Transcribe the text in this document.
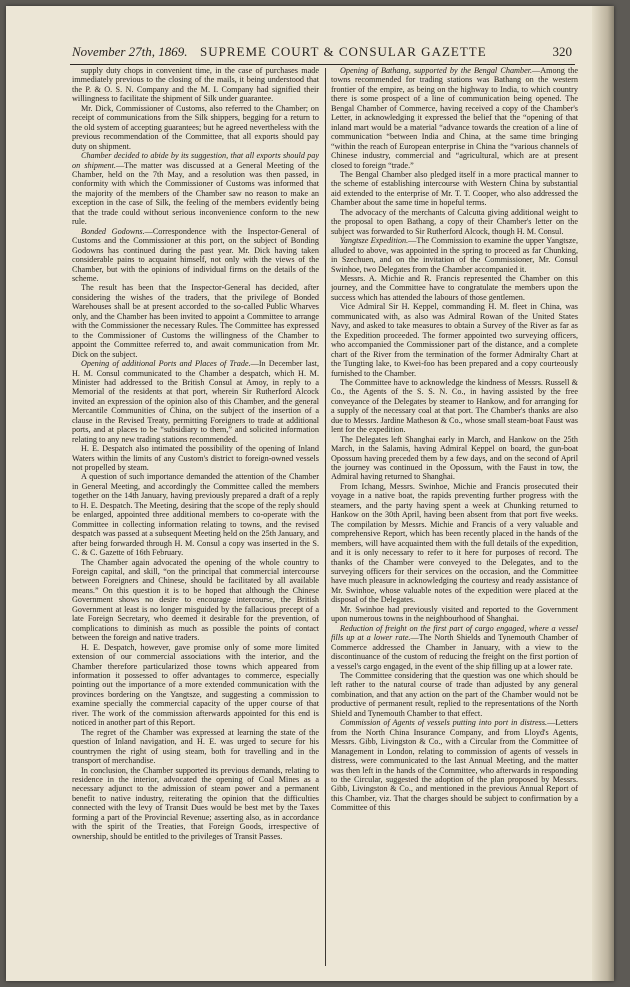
November 27th, 1869. SUPREME COURT & CONSULAR GAZETTE	320

supply duty chops in convenient time, in the case of purchases made immediately previous to the closing of the mails, it being understood that the P. & O. S. N. Company and the M. I. Company had signified their willingness to facilitate the shipment of Silk under guarantee.

Mr. Dick, Commissioner of Customs, also referred to the Chamber; on receipt of communications from the Silk shippers, begging for a return to the old system of accepting guarantees; but he agreed nevertheless with the previous recommendation of the Committee, that all exports should pay duty on shipment.

Chamber decided to abide by its suggestion, that all exports should pay on shipment.—The matter was discussed at a General Meeting of the Chamber, held on the 7th May, and a resolution was then passed, in conformity with which the Commissioner of Customs was informed that the majority of the members of the Chamber saw no reason to make an exception in the case of Silk, the feeling of the members evidently being that the trade could without serious inconvenience conform to the new rule.

Bonded Godowns.—Correspondence with the Inspector-General of Customs and the Commissioner at this port, on the subject of Bonding Godowns has continued during the past year. Mr. Dick having taken considerable pains to acquaint himself, not only with the views of the Chamber, but with the opinions of individual firms on the details of the scheme.

The result has been that the Inspector-General has decided, after considering the wishes of the traders, that the privilege of Bonded Warehouses shall be at present accorded to the so-called Public Wharves only, and the Chamber has been invited to appoint a Committee to arrange with the Commissioner the necessary Rules. The Committee has expressed to the Commissioner of Customs the willingness of the Chamber to appoint the Committee referred to, and await communication from Mr. Dick on the subject.

Opening of additional Ports and Places of Trade.—In December last, H. M. Consul communicated to the Chamber a despatch, which H. M. Minister had addressed to the British Consul at Amoy, in reply to a Memorial of the residents at that port, wherein Sir Rutherford Alcock invited an expression of the opinion also of this Chamber, and the general Mercantile Communities of China, on the subject of the insertion of a clause in the Revised Treaty, permitting Foreigners to trade at additional ports, and at places to be “subsidiary to them,” and solicited information relating to any new trading stations recommended.

H. E. Despatch also intimated the possibility of the opening of Inland Waters within the limits of any Custom's district to foreign-owned vessels not propelled by steam.

A question of such importance demanded the attention of the Chamber in General Meeting, and accordingly the Committee called the members together on the 14th January, having previously prepared a draft of a reply to H. E. Despatch. The Meeting, desiring that the scope of the reply should be enlarged, appointed three additional members to co-operate with the Committee in collecting information relating to towns, and the revised despatch was passed at a subsequent Meeting held on the 25th January, and after being forwarded through H. M. Consul a copy was inserted in the S. C. & C. Gazette of 16th February.

The Chamber again advocated the opening of the whole country to Foreign capital, and skill, “on the principal that commercial intercourse between Foreigners and Chinese, should be facilitated by all available means.” On this question it is to be hoped that although the Chinese Government shows no desire to encourage intercourse, the British Government at least is no longer misguided by the fallacious precept of a late Foreign Secretary, who deemed it desirable for the prevention, of complications to diminish as much as possible the points of contact between the foreign and native traders.

H. E. Despatch, however, gave promise only of some more limited extension of our commercial associations with the interior, and the Chamber therefore particularized those towns which appeared from information it possessed to offer advantages to commerce, especially pointing out the importance of a more extended communication with the provinces bordering on the Yangtsze, and suggesting a commission to examine specially the commercial capacity of the upper course of that river. The work of the commission afterwards appointed for this end is noticed in another part of this Report.

The regret of the Chamber was expressed at learning the state of the question of Inland navigation, and H. E. was urged to secure for his countrymen the right of using steam, both for travelling and in the transport of merchandise.

In conclusion, the Chamber supported its previous demands, relating to residence in the interior, advocated the opening of Coal Mines as a necessary adjunct to the admission of steam power and a permanent benefit to native industry, reiterating the opinion that the difficulties connected with the levy of Transit Dues would be best met by the Taxes forming a part of the Provincial Revenue; asserting also, as in accordance with the spirit of the Treaties, that Foreign Goods, irrespective of ownership, should be entitled to the privileges of Transit Passes.

Opening of Bathang, supported by the Bengal Chamber.—Among the towns recommended for trading stations was Bathang on the western frontier of the empire, as being on the highway to India, to which country there is some prospect of a line of communication being opened. The Bengal Chamber of Commerce, having received a copy of the Chamber's Letter, in acknowledging it expressed the belief that the “opening of that inland mart would be a material “advance towards the creation of a line of communication “between India and China, at the same time bringing “within the reach of European enterprise in China the “various channels of Chinese industry, commercial and “agricultural, which are at present closed to foreign “trade.”

The Bengal Chamber also pledged itself in a more practical manner to the scheme of establishing intercourse with Western China by substantial aid extended to the enterprise of Mr. T. T. Cooper, who also addressed the Chamber about the same time in hopeful terms.

The advocacy of the merchants of Calcutta giving additional weight to the proposal to open Bathang, a copy of their Chamber's letter on the subject was forwarded to Sir Rutherford Alcock, though H. M. Consul.

Yangtsze Expedition.—The Commission to examine the upper Yangtsze, alluded to above, was appointed in the spring to proceed as far Chunking, in Szechuen, and on the invitation of the Commissioner, Mr. Consul Swinhoe, two Delegates from the Chamber accompanied it.

Messrs. A. Michie and R. Francis represented the Chamber on this journey, and the Committee have to congratulate the members upon the success which has attended the labours of those gentlemen.

Vice Admiral Sir H. Keppel, commanding H. M. fleet in China, was communicated with, as also was Admiral Rowan of the United States Navy, and asked to take measures to obtain a Survey of the River as far as the Expedition proceeded. The former appointed two surveying officers, who accompanied the Commissioner part of the distance, and a complete chart of the River from the termination of the former Admiralty Chart at the Tungting lake, to Kwei-foo has been prepared and a copy courteously furnished to the Chamber.

The Committee have to acknowledge the kindness of Messrs. Russell & Co., the Agents of the S. S. N. Co., in having assisted by the free conveyance of the Delegates by steamer to Hankow, and for arranging for a supply of the necessary coal at that port. The Chamber's thanks are also due to Messrs. Jardine Matheson & Co., whose small steam-boat Faust was lent for the expedition.

The Delegates left Shanghai early in March, and Hankow on the 25th March, in the Salamis, having Admiral Keppel on board, the gun-boat Opossum having preceded them by a few days, and on the second of April the journey was continued in the Opossum, with the Faust in tow, the Admiral having returned to Shanghai.

From Ichang, Messrs. Swinhoe, Michie and Francis prosecuted their voyage in a native boat, the rapids preventing further progress with the steamers, and the party having spent a week at Chunking returned to Hankow on the 30th April, having been absent from that port five weeks. The compilation by Messrs. Michie and Francis of a very valuable and comprehensive Report, which has been recently placed in the hands of the members, will have acquainted them with the full details of the expedition, and it is only necessary to refer to it here for purposes of record. The thanks of the Chamber were conveyed to the Delegates, and to the surveying officers for their services on the occasion, and the Committee have much pleasure in acknowledging the courtesy and ready assistance of Mr. Swinhoe, whose valuable notes of the expedition were placed at the disposal of the Delegates.

Mr. Swinhoe had previously visited and reported to the Government upon numerous towns in the neighbourhood of Shanghai.

Reduction of freight on the first part of cargo engaged, where a vessel fills up at a lower rate.—The North Shields and Tynemouth Chamber of Commerce addressed the Chamber in January, with a view to the discontinuance of the custom of reducing the freight on the first portion of a vessel's cargo engaged, in the event of the ship filling up at a lower rate.

The Committee considering that the question was one which should be left rather to the natural course of trade than adjusted by any general combination, and that any action on the part of the Chamber would not be productive of permanent result, replied to the representations of the North Shield and Tynemouth Chamber to that effect.

Commission of Agents of vessels putting into port in distress.—Letters from the North China Insurance Company, and from Lloyd's Agents, Messrs. Gibb, Livingston & Co., with a Circular from the Committee of Management in London, relating to commission of agents of vessels in distress, were communicated to the last Annual Meeting, and the matter was then left in the hands of the Committee, who afterwards in responding to the Circular, suggested the adoption of the plan proposed by Messrs. Gibb, Livingston & Co., and mentioned in the previous Annual Report of this Chamber, viz. That the charges should be subject to confirmation by a Committee of this
